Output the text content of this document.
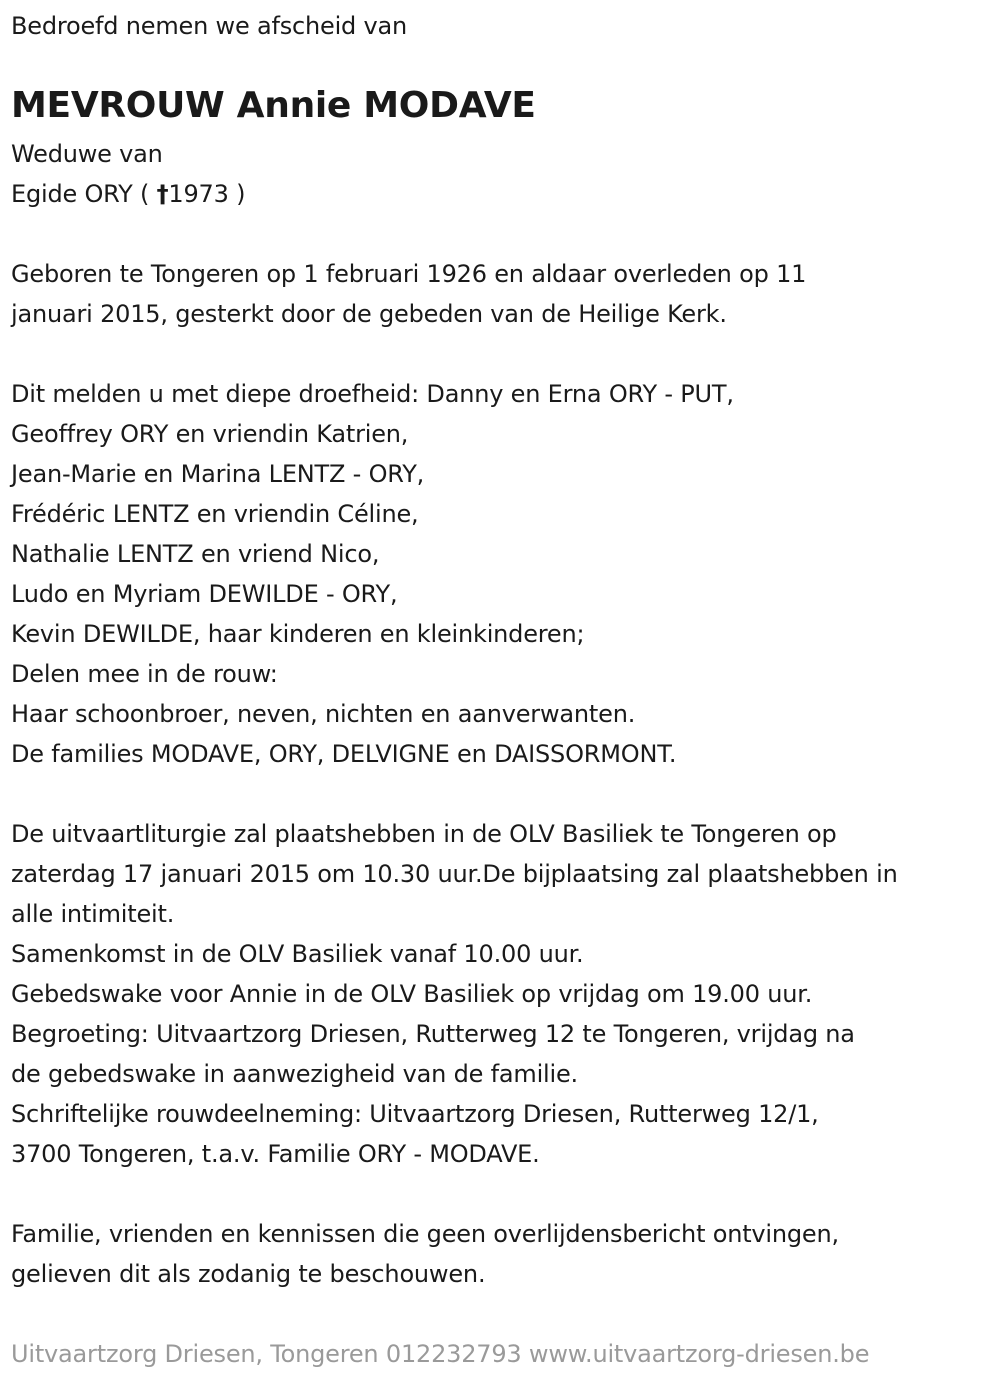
Bedroefd nemen we afscheid van
MEVROUW Annie MODAVE
Weduwe van
Egide ORY ( †1973 )
Geboren te Tongeren op 1 februari 1926 en aldaar overleden op 11
januari 2015, gesterkt door de gebeden van de Heilige Kerk.
Dit melden u met diepe droefheid: Danny en Erna ORY - PUT,
Geoffrey ORY en vriendin Katrien,
Jean-Marie en Marina LENTZ - ORY,
Frédéric LENTZ en vriendin Céline,
Nathalie LENTZ en vriend Nico,
Ludo en Myriam DEWILDE - ORY,
Kevin DEWILDE, haar kinderen en kleinkinderen;
Delen mee in de rouw:
Haar schoonbroer, neven, nichten en aanverwanten.
De families MODAVE, ORY, DELVIGNE en DAISSORMONT.
De uitvaartliturgie zal plaatshebben in de OLV Basiliek te Tongeren op
zaterdag 17 januari 2015 om 10.30 uur.De bijplaatsing zal plaatshebben in
alle intimiteit.
Samenkomst in de OLV Basiliek vanaf 10.00 uur.
Gebedswake voor Annie in de OLV Basiliek op vrijdag om 19.00 uur.
Begroeting: Uitvaartzorg Driesen, Rutterweg 12 te Tongeren, vrijdag na
de gebedswake in aanwezigheid van de familie.
Schriftelijke rouwdeelneming: Uitvaartzorg Driesen, Rutterweg 12/1,
3700 Tongeren, t.a.v. Familie ORY - MODAVE.
Familie, vrienden en kennissen die geen overlijdensbericht ontvingen,
gelieven dit als zodanig te beschouwen.
Uitvaartzorg Driesen, Tongeren 012232793 www.uitvaartzorg-driesen.be
